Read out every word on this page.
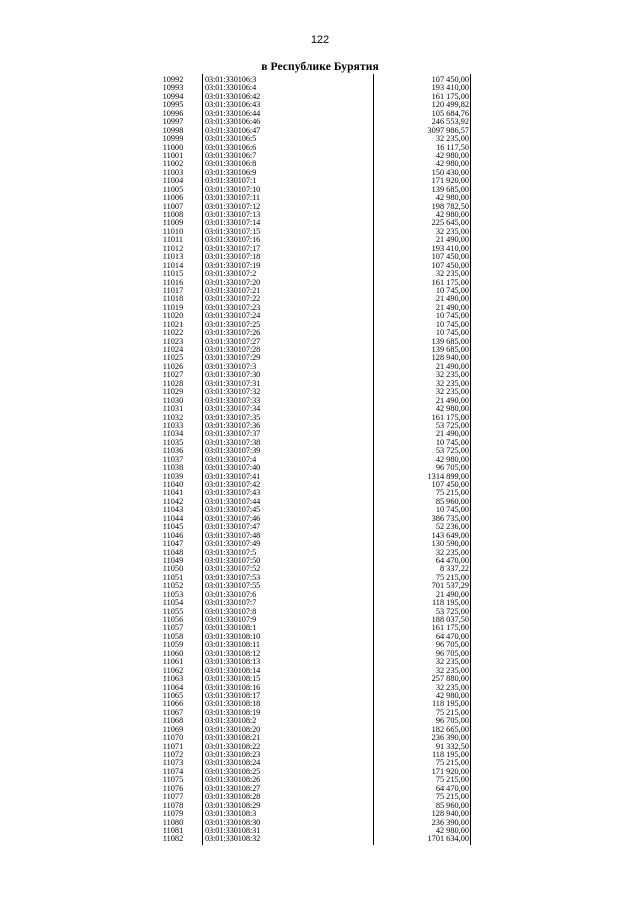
122
в Республике Бурятия
10992	03:01:330106:3	107 450,00
10993	03:01:330106:4	193 410,00
10994	03:01:330106:42	161 175,00
10995	03:01:330106:43	120 499,82
10996	03:01:330106:44	105 684,76
10997	03:01:330106:46	246 553,92
10998	03:01:330106:47	3097 986,57
10999	03:01:330106:5	32 235,00
11000	03:01:330106:6	16 117,50
11001	03:01:330106:7	42 980,00
11002	03:01:330106:8	42 980,00
11003	03:01:330106:9	150 430,00
11004	03:01:330107:1	171 920,00
11005	03:01:330107:10	139 685,00
11006	03:01:330107:11	42 980,00
11007	03:01:330107:12	198 782,50
11008	03:01:330107:13	42 980,00
11009	03:01:330107:14	225 645,00
11010	03:01:330107:15	32 235,00
11011	03:01:330107:16	21 490,00
11012	03:01:330107:17	193 410,00
11013	03:01:330107:18	107 450,00
11014	03:01:330107:19	107 450,00
11015	03:01:330107:2	32 235,00
11016	03:01:330107:20	161 175,00
11017	03:01:330107:21	10 745,00
11018	03:01:330107:22	21 490,00
11019	03:01:330107:23	21 490,00
11020	03:01:330107:24	10 745,00
11021	03:01:330107:25	10 745,00
11022	03:01:330107:26	10 745,00
11023	03:01:330107:27	139 685,00
11024	03:01:330107:28	139 685,00
11025	03:01:330107:29	128 940,00
11026	03:01:330107:3	21 490,00
11027	03:01:330107:30	32 235,00
11028	03:01:330107:31	32 235,00
11029	03:01:330107:32	32 235,00
11030	03:01:330107:33	21 490,00
11031	03:01:330107:34	42 980,00
11032	03:01:330107:35	161 175,00
11033	03:01:330107:36	53 725,00
11034	03:01:330107:37	21 490,00
11035	03:01:330107:38	10 745,00
11036	03:01:330107:39	53 725,00
11037	03:01:330107:4	42 980,00
11038	03:01:330107:40	96 705,00
11039	03:01:330107:41	1314 899,00
11040	03:01:330107:42	107 450,00
11041	03:01:330107:43	75 215,00
11042	03:01:330107:44	85 960,00
11043	03:01:330107:45	10 745,00
11044	03:01:330107:46	386 735,00
11045	03:01:330107:47	52 236,00
11046	03:01:330107:48	143 649,00
11047	03:01:330107:49	130 590,00
11048	03:01:330107:5	32 235,00
11049	03:01:330107:50	64 470,00
11050	03:01:330107:52	8 337,22
11051	03:01:330107:53	75 215,00
11052	03:01:330107:55	701 537,29
11053	03:01:330107:6	21 490,00
11054	03:01:330107:7	118 195,00
11055	03:01:330107:8	53 725,00
11056	03:01:330107:9	188 037,50
11057	03:01:330108:1	161 175,00
11058	03:01:330108:10	64 470,00
11059	03:01:330108:11	96 705,00
11060	03:01:330108:12	96 705,00
11061	03:01:330108:13	32 235,00
11062	03:01:330108:14	32 235,00
11063	03:01:330108:15	257 880,00
11064	03:01:330108:16	32 235,00
11065	03:01:330108:17	42 980,00
11066	03:01:330108:18	118 195,00
11067	03:01:330108:19	75 215,00
11068	03:01:330108:2	96 705,00
11069	03:01:330108:20	182 665,00
11070	03:01:330108:21	236 390,00
11071	03:01:330108:22	91 332,50
11072	03:01:330108:23	118 195,00
11073	03:01:330108:24	75 215,00
11074	03:01:330108:25	171 920,00
11075	03:01:330108:26	75 215,00
11076	03:01:330108:27	64 470,00
11077	03:01:330108:28	75 215,00
11078	03:01:330108:29	85 960,00
11079	03:01:330108:3	128 940,00
11080	03:01:330108:30	236 390,00
11081	03:01:330108:31	42 980,00
11082	03:01:330108:32	1701 634,00
